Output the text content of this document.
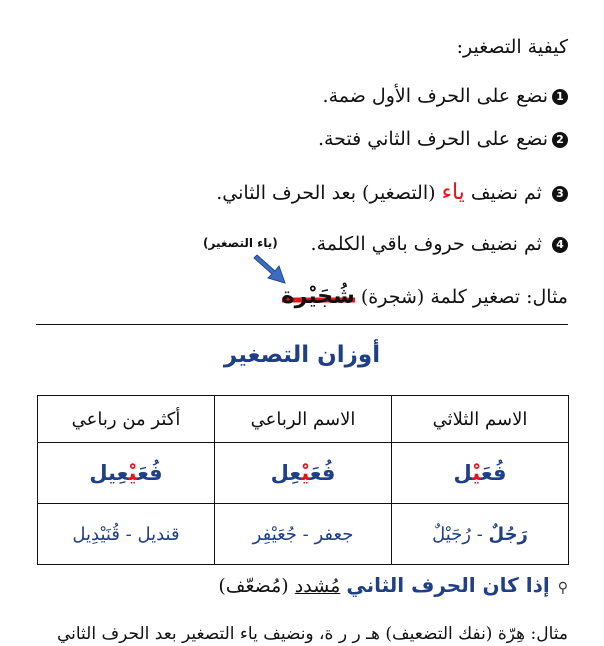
كيفية التصغير:
1نضع على الحرف الأول ضمة.
2نضع على الحرف الثاني فتحة.
3 ثم نضيف ياء (التصغير) بعد الحرف الثاني.
4 ثم نضيف حروف باقي الكلمة.
(ياء التصغير)
مثال: تصغير كلمة (شجرة) شُجَيْرة
أوزان التصغير
الاسم الثلاثي	الاسم الرباعي	أكثر من رباعي
فُعَيْل	فُعَيْعِل	فُعَيْعِيل
رَجُلٌ - رُجَيْلٌ	جعفر - جُعَيْفِر	قنديل - قُنَيْدِيل
⚲ إذا كان الحرف الثاني مُشدد (مُضعّف)
مثال: هِرّة (نفك التضعيف) هـ ر ر ة، ونضيف ياء التصغير بعد الحرف الثاني
